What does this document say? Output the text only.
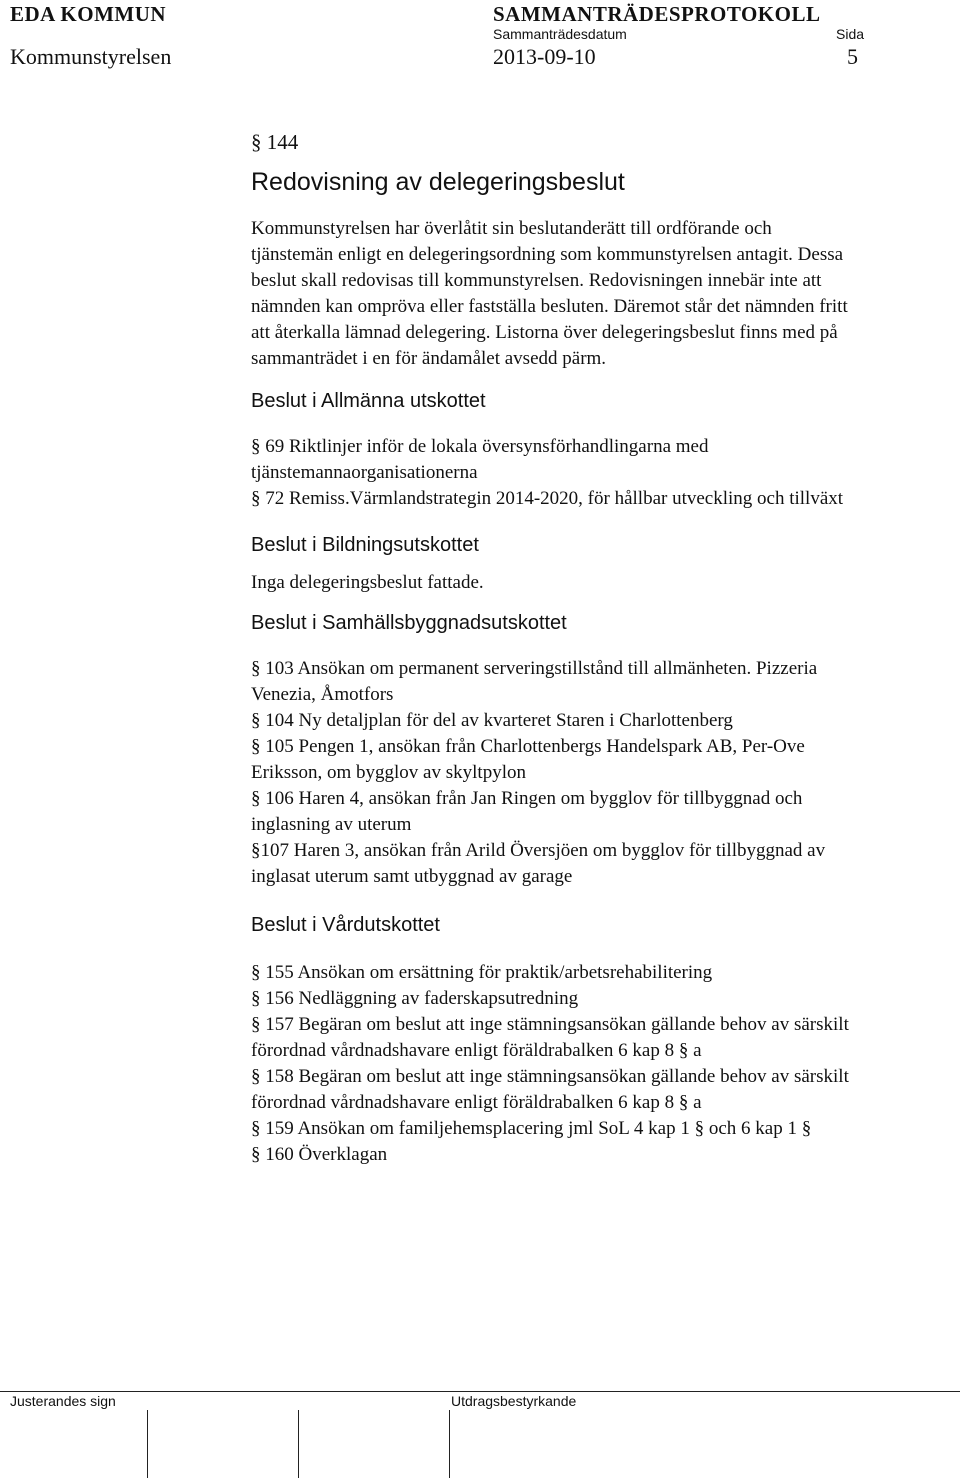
EDA KOMMUN	SAMMANTRÄDESPROTOKOLL
Sammanträdesdatum	Sida
Kommunstyrelsen	2013-09-10	5
§ 144
Redovisning av delegeringsbeslut

Kommunstyrelsen har överlåtit sin beslutanderätt till ordförande och tjänstemän enligt en delegeringsordning som kommunstyrelsen antagit. Dessa beslut skall redovisas till kommunstyrelsen. Redovisningen innebär inte att nämnden kan ompröva eller fastställa besluten. Däremot står det nämnden fritt att återkalla lämnad delegering. Listorna över delegeringsbeslut finns med på sammanträdet i en för ändamålet avsedd pärm.

Beslut i Allmänna utskottet
§ 69 Riktlinjer inför de lokala översynsförhandlingarna med tjänstemannaorganisationerna
§ 72 Remiss.Värmlandstrategin 2014-2020, för hållbar utveckling och tillväxt
Beslut i Bildningsutskottet

Inga delegeringsbeslut fattade.

Beslut i Samhällsbyggnadsutskottet
§ 103 Ansökan om permanent serveringstillstånd till allmänheten. Pizzeria Venezia, Åmotfors
§ 104 Ny detaljplan för del av kvarteret Staren i Charlottenberg
§ 105 Pengen 1, ansökan från Charlottenbergs Handelspark AB, Per-Ove Eriksson, om bygglov av skyltpylon
§ 106 Haren 4, ansökan från Jan Ringen om bygglov för tillbyggnad och inglasning av uterum
§107 Haren 3, ansökan från Arild Översjöen om bygglov för tillbyggnad av inglasat uterum samt utbyggnad av garage
Beslut i Vårdutskottet
§ 155 Ansökan om ersättning för praktik/arbetsrehabilitering
§ 156 Nedläggning av faderskapsutredning
§ 157 Begäran om beslut att inge stämningsansökan gällande behov av särskilt förordnad vårdnadshavare enligt föräldrabalken 6 kap 8 § a
§ 158 Begäran om beslut att inge stämningsansökan gällande behov av särskilt förordnad vårdnadshavare enligt föräldrabalken 6 kap 8 § a
§ 159 Ansökan om familjehemsplacering jml SoL 4 kap 1 § och 6 kap 1 §
§ 160 Överklagan
Justerandes sign	Utdragsbestyrkande
